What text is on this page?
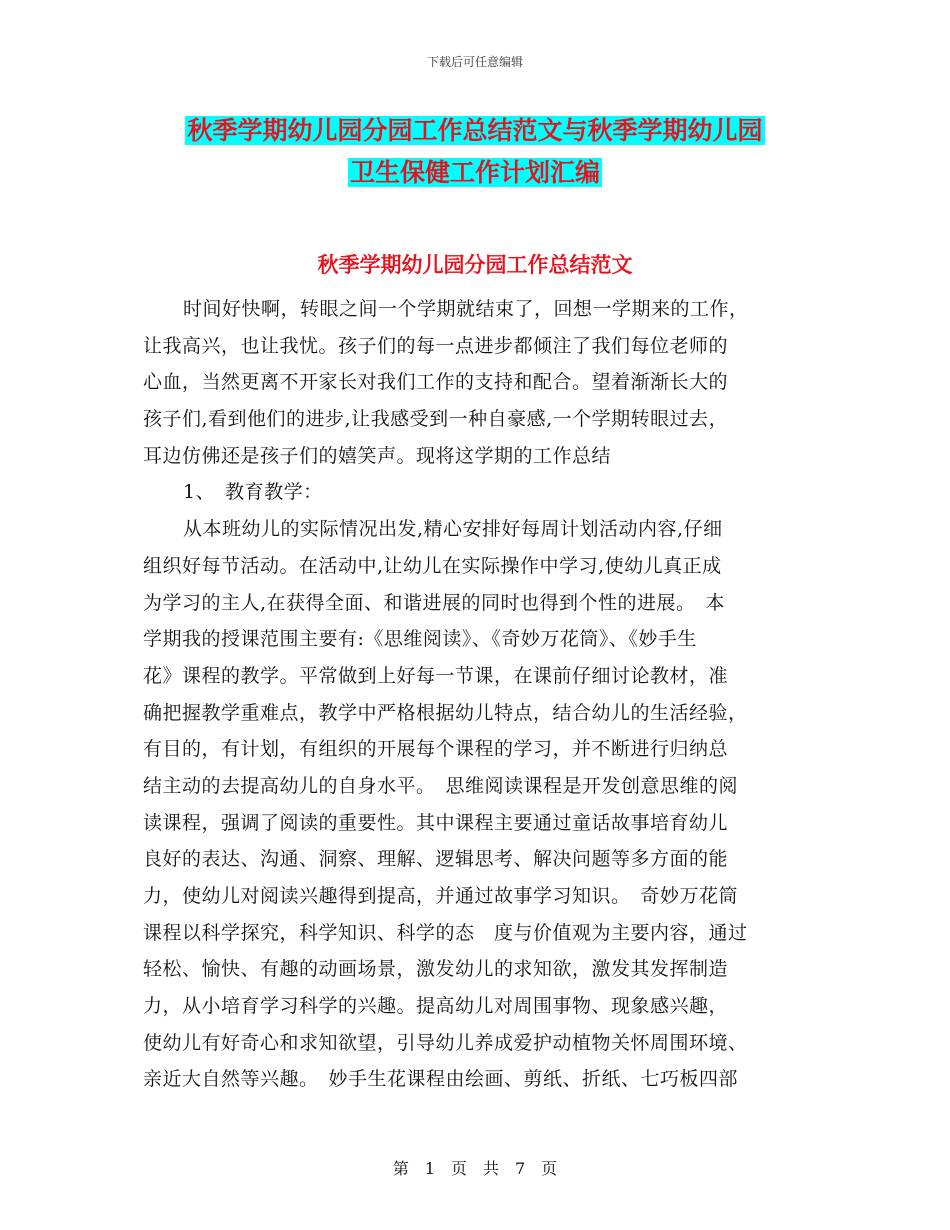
下载后可任意编辑
秋季学期幼儿园分园工作总结范文与秋季学期幼儿园
卫生保健工作计划汇编
秋季学期幼儿园分园工作总结范文
时间好快啊，转眼之间一个学期就结束了，回想一学期来的工作，
让我高兴，也让我忧。孩子们的每一点进步都倾注了我们每位老师的
心血，当然更离不开家长对我们工作的支持和配合。望着渐渐长大的
孩子们,看到他们的进步,让我感受到一种自豪感,一个学期转眼过去，
耳边仿佛还是孩子们的嬉笑声。现将这学期的工作总结
1、　教育教学：
从本班幼儿的实际情况出发,精心安排好每周计划活动内容,仔细
组织好每节活动。在活动中,让幼儿在实际操作中学习,使幼儿真正成
为学习的主人,在获得全面、和谐进展的同时也得到个性的进展。　本
学期我的授课范围主要有:《思维阅读》、《奇妙万花筒》、《妙手生
花》课程的教学。平常做到上好每一节课，在课前仔细讨论教材，准
确把握教学重难点，教学中严格根据幼儿特点，结合幼儿的生活经验，
有目的，有计划，有组织的开展每个课程的学习，并不断进行归纳总
结主动的去提高幼儿的自身水平。　思维阅读课程是开发创意思维的阅
读课程，强调了阅读的重要性。其中课程主要通过童话故事培育幼儿
良好的表达、沟通、洞察、理解、逻辑思考、解决问题等多方面的能
力，使幼儿对阅读兴趣得到提高，并通过故事学习知识。　奇妙万花筒
课程以科学探究，科学知识、科学的态　度与价值观为主要内容，通过
轻松、愉快、有趣的动画场景，激发幼儿的求知欲，激发其发挥制造
力，从小培育学习科学的兴趣。提高幼儿对周围事物、现象感兴趣，
使幼儿有好奇心和求知欲望，引导幼儿养成爱护动植物关怀周围环境、
亲近大自然等兴趣。　妙手生花课程由绘画、剪纸、折纸、七巧板四部
第　1　页　共　7　页
